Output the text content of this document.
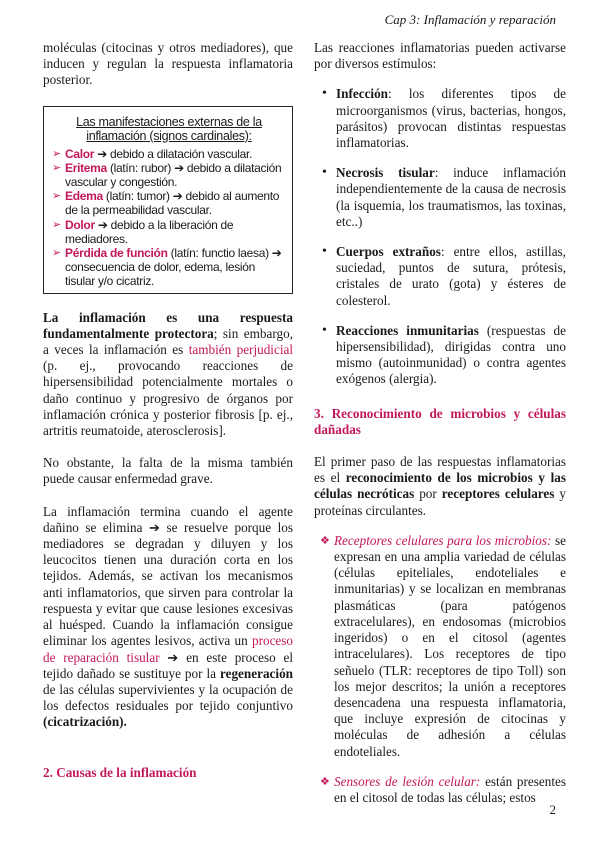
Cap 3: Inflamación y reparación

moléculas (citocinas y otros mediadores), que inducen y regulan la respuesta inflamatoria posterior.

Las manifestaciones externas de la inflamación (signos cardinales):
➢ Calor ➔ debido a dilatación vascular.
➢ Eritema (latín: rubor) ➔ debido a dilatación vascular y congestión.
➢ Edema (latín: tumor) ➔ debido al aumento de la permeabilidad vascular.
➢ Dolor ➔ debido a la liberación de mediadores.
➢ Pérdida de función (latín: functio laesa) ➔ consecuencia de dolor, edema, lesión tisular y/o cicatriz.

La inflamación es una respuesta fundamentalmente protectora; sin embargo, a veces la inflamación es también perjudicial (p. ej., provocando reacciones de hipersensibilidad potencialmente mortales o daño continuo y progresivo de órganos por inflamación crónica y posterior fibrosis [p. ej., artritis reumatoide, aterosclerosis].

No obstante, la falta de la misma también puede causar enfermedad grave.

La inflamación termina cuando el agente dañino se elimina ➔ se resuelve porque los mediadores se degradan y diluyen y los leucocitos tienen una duración corta en los tejidos. Además, se activan los mecanismos anti inflamatorios, que sirven para controlar la respuesta y evitar que cause lesiones excesivas al huésped. Cuando la inflamación consigue eliminar los agentes lesivos, activa un proceso de reparación tisular ➔ en este proceso el tejido dañado se sustituye por la regeneración de las células supervivientes y la ocupación de los defectos residuales por tejido conjuntivo (cicatrización).

2. Causas de la inflamación

Las reacciones inflamatorias pueden activarse por diversos estímulos:

• Infección: los diferentes tipos de microorganismos (virus, bacterias, hongos, parásitos) provocan distintas respuestas inflamatorias.
• Necrosis tisular: induce inflamación independientemente de la causa de necrosis (la isquemia, los traumatismos, las toxinas, etc..)
• Cuerpos extraños: entre ellos, astillas, suciedad, puntos de sutura, prótesis, cristales de urato (gota) y ésteres de colesterol.
• Reacciones inmunitarias (respuestas de hipersensibilidad), dirigidas contra uno mismo (autoinmunidad) o contra agentes exógenos (alergia).

3. Reconocimiento de microbios y células dañadas

El primer paso de las respuestas inflamatorias es el reconocimiento de los microbios y las células necróticas por receptores celulares y proteínas circulantes.

❖ Receptores celulares para los microbios: se expresan en una amplia variedad de células (células epiteliales, endoteliales e inmunitarias) y se localizan en membranas plasmáticas (para patógenos extracelulares), en endosomas (microbios ingeridos) o en el citosol (agentes intracelulares). Los receptores de tipo señuelo (TLR: receptores de tipo Toll) son los mejor descritos; la unión a receptores desencadena una respuesta inflamatoria, que incluye expresión de citocinas y moléculas de adhesión a células endoteliales.
❖ Sensores de lesión celular: están presentes en el citosol de todas las células; estos
2
